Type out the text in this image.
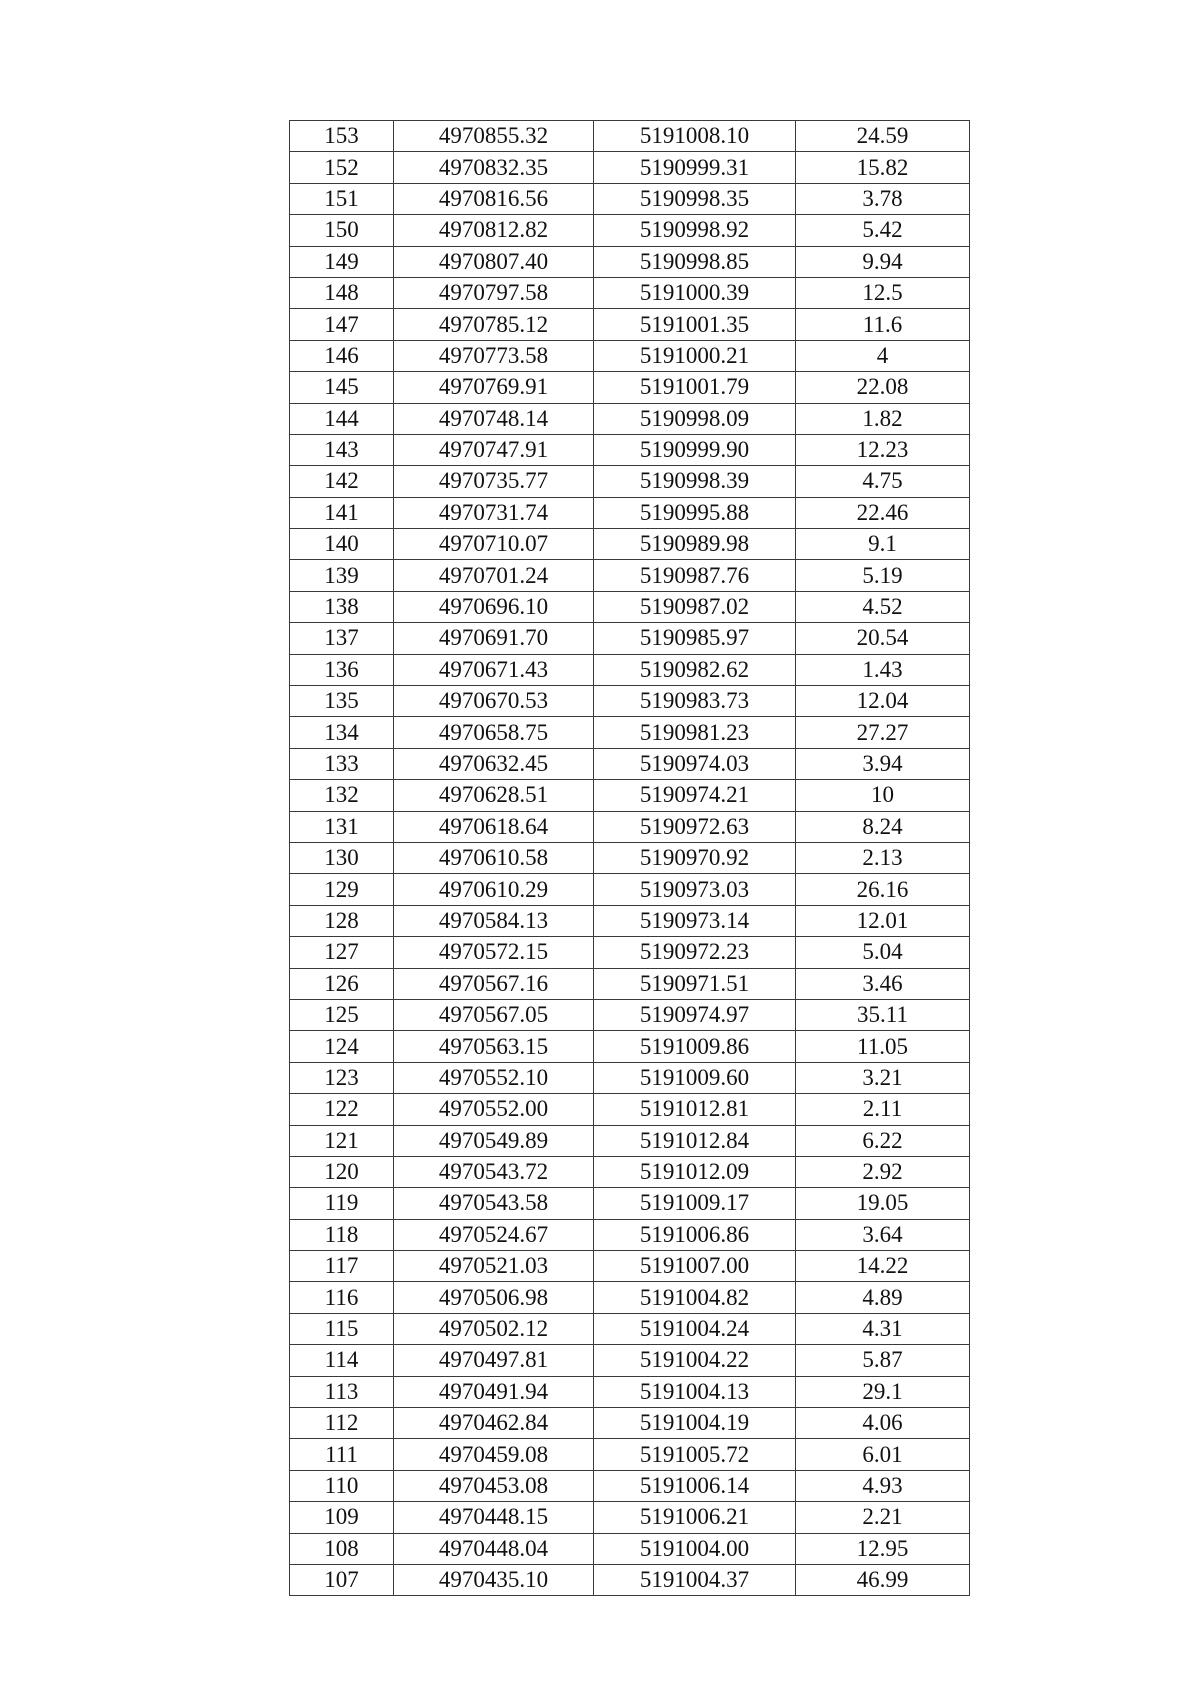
153	4970855.32	5191008.10	24.59
152	4970832.35	5190999.31	15.82
151	4970816.56	5190998.35	3.78
150	4970812.82	5190998.92	5.42
149	4970807.40	5190998.85	9.94
148	4970797.58	5191000.39	12.5
147	4970785.12	5191001.35	11.6
146	4970773.58	5191000.21	4
145	4970769.91	5191001.79	22.08
144	4970748.14	5190998.09	1.82
143	4970747.91	5190999.90	12.23
142	4970735.77	5190998.39	4.75
141	4970731.74	5190995.88	22.46
140	4970710.07	5190989.98	9.1
139	4970701.24	5190987.76	5.19
138	4970696.10	5190987.02	4.52
137	4970691.70	5190985.97	20.54
136	4970671.43	5190982.62	1.43
135	4970670.53	5190983.73	12.04
134	4970658.75	5190981.23	27.27
133	4970632.45	5190974.03	3.94
132	4970628.51	5190974.21	10
131	4970618.64	5190972.63	8.24
130	4970610.58	5190970.92	2.13
129	4970610.29	5190973.03	26.16
128	4970584.13	5190973.14	12.01
127	4970572.15	5190972.23	5.04
126	4970567.16	5190971.51	3.46
125	4970567.05	5190974.97	35.11
124	4970563.15	5191009.86	11.05
123	4970552.10	5191009.60	3.21
122	4970552.00	5191012.81	2.11
121	4970549.89	5191012.84	6.22
120	4970543.72	5191012.09	2.92
119	4970543.58	5191009.17	19.05
118	4970524.67	5191006.86	3.64
117	4970521.03	5191007.00	14.22
116	4970506.98	5191004.82	4.89
115	4970502.12	5191004.24	4.31
114	4970497.81	5191004.22	5.87
113	4970491.94	5191004.13	29.1
112	4970462.84	5191004.19	4.06
111	4970459.08	5191005.72	6.01
110	4970453.08	5191006.14	4.93
109	4970448.15	5191006.21	2.21
108	4970448.04	5191004.00	12.95
107	4970435.10	5191004.37	46.99
